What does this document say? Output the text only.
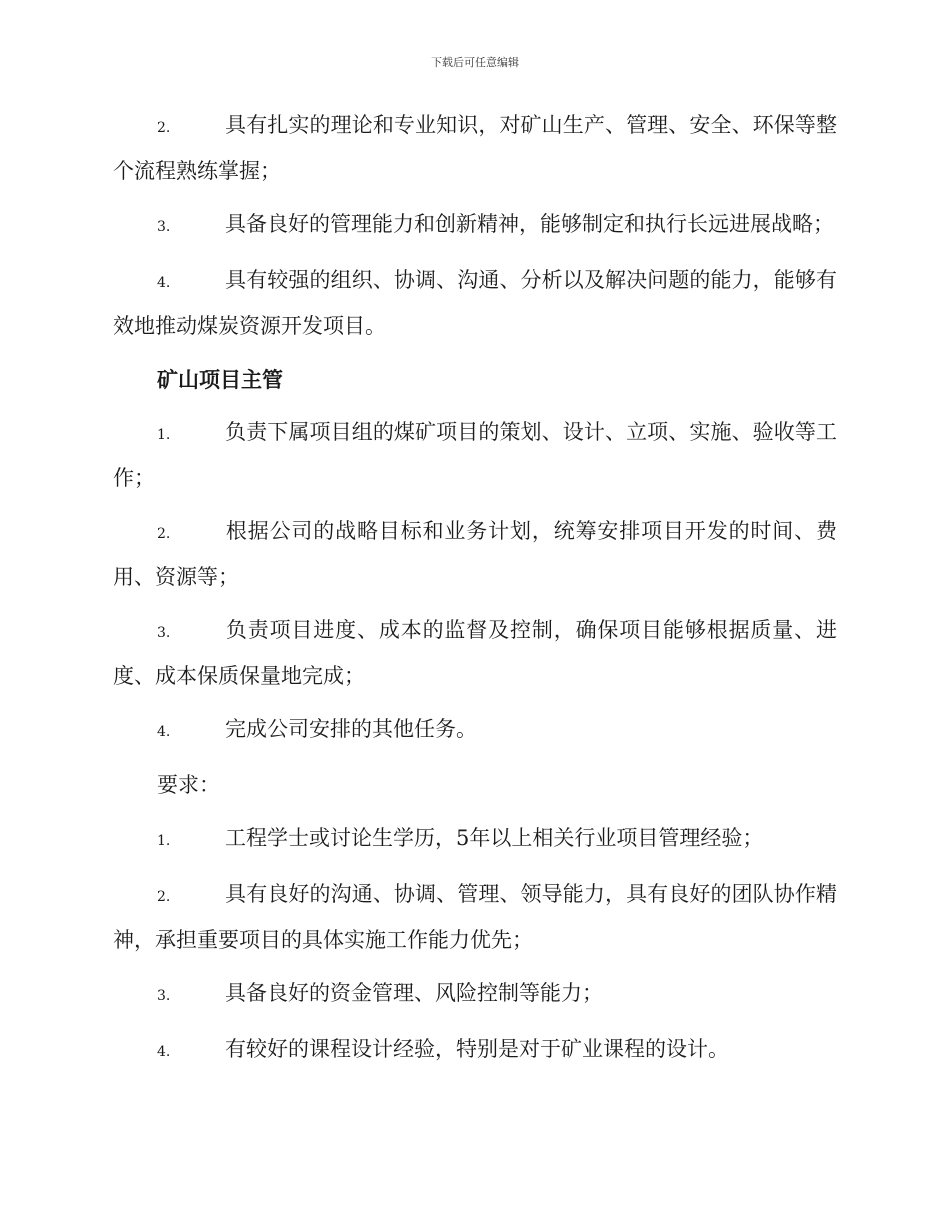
下载后可任意编辑

2.	具有扎实的理论和专业知识，对矿山生产、管理、安全、环保等整个流程熟练掌握；

3.	具备良好的管理能力和创新精神，能够制定和执行长远进展战略；

4.	具有较强的组织、协调、沟通、分析以及解决问题的能力，能够有效地推动煤炭资源开发项目。

矿山项目主管

1.	负责下属项目组的煤矿项目的策划、设计、立项、实施、验收等工作；

2.	根据公司的战略目标和业务计划，统筹安排项目开发的时间、费用、资源等；

3.	负责项目进度、成本的监督及控制，确保项目能够根据质量、进度、成本保质保量地完成；

4.	完成公司安排的其他任务。

要求：

1.	工程学士或讨论生学历，5年以上相关行业项目管理经验；

2.	具有良好的沟通、协调、管理、领导能力，具有良好的团队协作精神，承担重要项目的具体实施工作能力优先；

3.	具备良好的资金管理、风险控制等能力；

4.	有较好的课程设计经验，特别是对于矿业课程的设计。
